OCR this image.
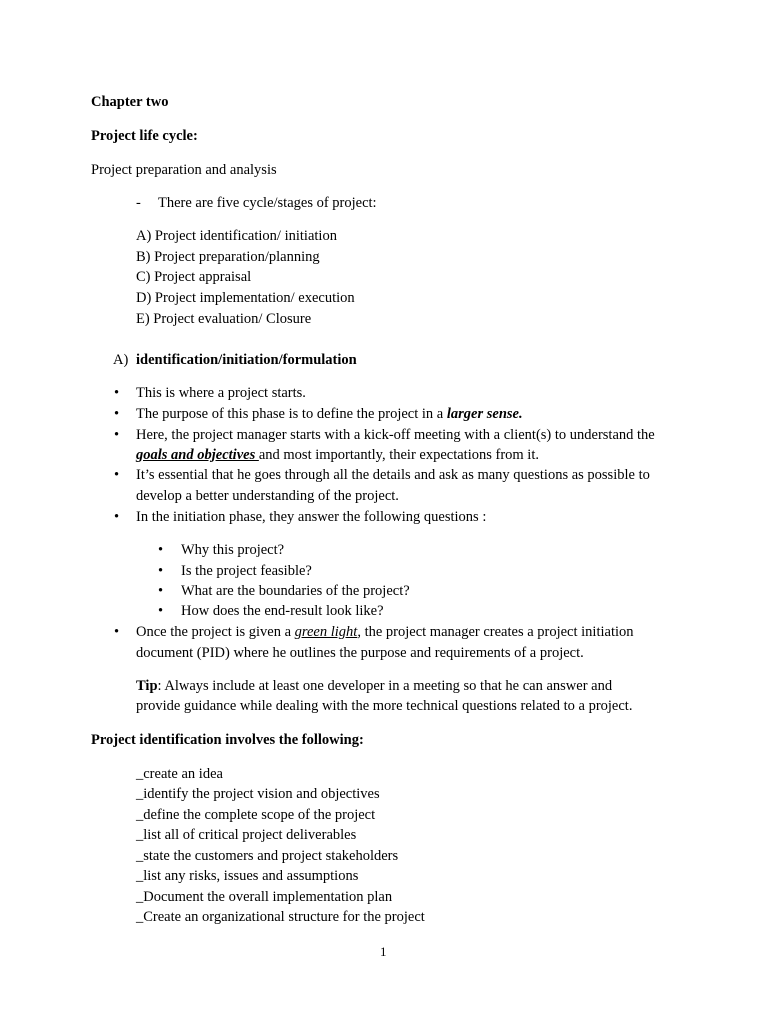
Chapter two
Project life cycle:
Project preparation and analysis
- There are five cycle/stages of project:
A) Project identification/ initiation
B) Project preparation/planning
C) Project appraisal
D) Project implementation/ execution
E) Project evaluation/ Closure
A) identification/initiation/formulation
• This is where a project starts.
• The purpose of this phase is to define the project in a larger sense.
• Here, the project manager starts with a kick-off meeting with a client(s) to understand the
goals and objectives and most importantly, their expectations from it.
• It’s essential that he goes through all the details and ask as many questions as possible to
develop a better understanding of the project.
• In the initiation phase, they answer the following questions :
• Why this project?
• Is the project feasible?
• What are the boundaries of the project?
• How does the end-result look like?
• Once the project is given a green light, the project manager creates a project initiation
document (PID) where he outlines the purpose and requirements of a project.
Tip: Always include at least one developer in a meeting so that he can answer and
provide guidance while dealing with the more technical questions related to a project.
Project identification involves the following:
_create an idea
_identify the project vision and objectives
_define the complete scope of the project
_list all of critical project deliverables
_state the customers and project stakeholders
_list any risks, issues and assumptions
_Document the overall implementation plan
_Create an organizational structure for the project
1
